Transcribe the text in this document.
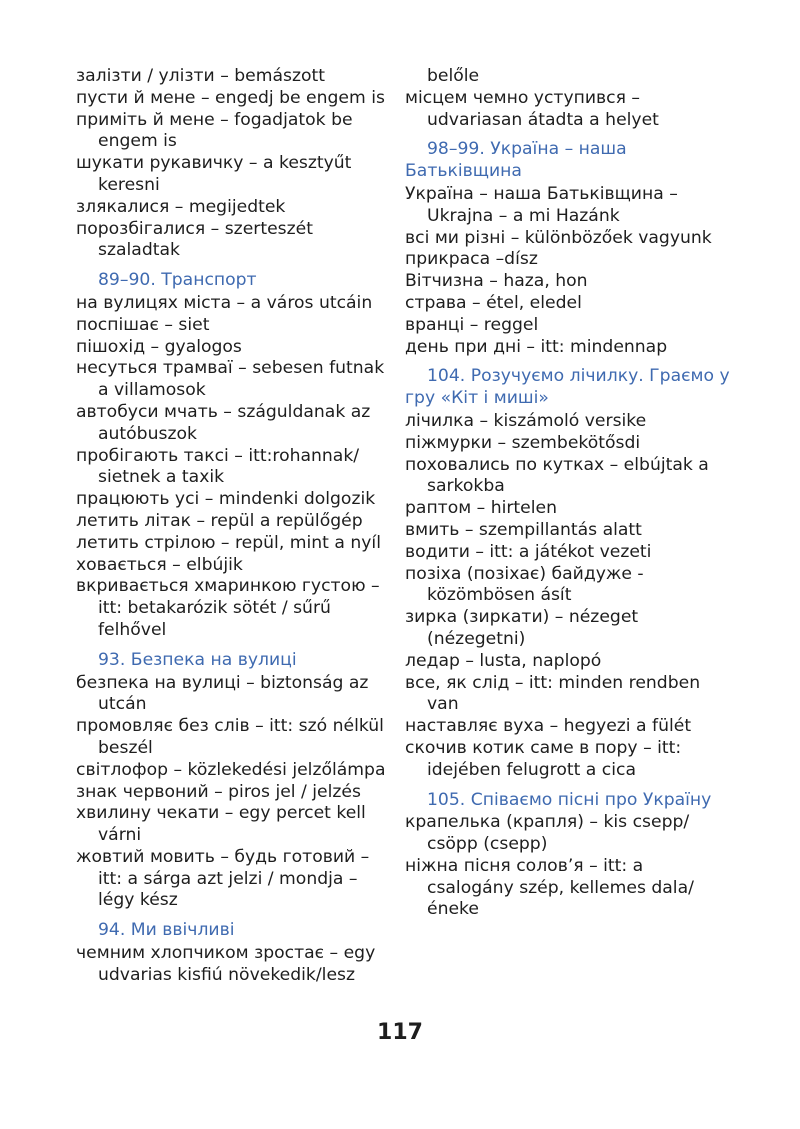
залізти / улізти – bemászott
пусти й мене – engedj be engem is
приміть й мене – fogadjatok be engem is
шукати рукавичку – a kesztyűt keresni
злякалися – megijedtek
порозбігалися – szerteszét szaladtak
89–90. Транспорт
на вулицях міста – a város utcáin
поспішає – siet
пішохід – gyalogos
несуться трамваї – sebesen futnak a villamosok
автобуси мчать – száguldanak az autóbuszok
пробігають таксі – itt:rohannak/ sietnek a taxik
працюють усі – mindenki dolgozik
летить літак – repül a repülőgép
летить стрілою – repül, mint a nyíl
ховається – elbújik
вкривається хмаринкою густою – itt: betakarózik sötét / sűrű felhővel
93. Безпека на вулиці
безпека на вулиці – biztonság az utcán
промовляє без слів – itt: szó nélkül beszél
світлофор – közlekedési jelzőlámpa
знак червоний – piros jel / jelzés
хвилину чекати – egy percet kell várni
жовтий мовить – будь готовий – itt: a sárga azt jelzi / mondja – légy kész
94. Ми ввічливі
чемним хлопчиком зростає – egy udvarias kisfiú növekedik/lesz
belőle
місцем чемно уступився – udvariasan átadta a helyet
98–99. Україна – наша Батьківщина
Україна – наша Батьківщина – Ukrajna – a mi Hazánk
всі ми різні – különbözőek vagyunk
прикраса –dísz
Вітчизна – haza, hon
страва – étel, eledel
вранці – reggel
день при дні – itt: mindennap
104. Розучуємо лічилку. Граємо у гру «Кіт і миші»
лічилка – kiszámoló versike
піжмурки – szembekötősdi
поховались по кутках – elbújtak a sarkokba
раптом – hirtelen
вмить – szempillantás alatt
водити – itt: a játékot vezeti
позіха (позіхає) байдуже - közömbösen ásít
зирка (зиркати) – nézeget (nézegetni)
ледар – lusta, naplopó
все, як слід – itt: minden rendben van
наставляє вуха – hegyezi a fülét
скочив котик саме в пору – itt: idejében felugrott a cica
105. Співаємо пісні про Україну
крапелька (крапля) – kis csepp/ csöpp (csepp)
ніжна пісня солов’я – itt: a csalogány szép, kellemes dala/ éneke
117
